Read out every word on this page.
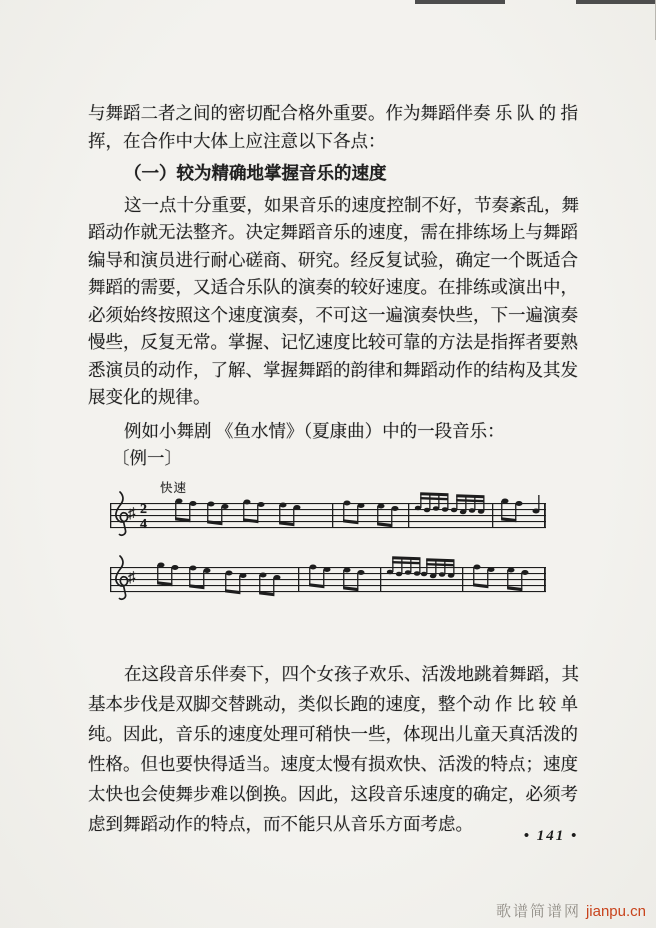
与舞蹈二者之间的密切配合格外重要。作为舞蹈伴奏 乐 队 的 指
挥，在合作中大体上应注意以下各点：
（一）较为精确地掌握音乐的速度
这一点十分重要，如果音乐的速度控制不好，节奏紊乱，舞
蹈动作就无法整齐。决定舞蹈音乐的速度，需在排练场上与舞蹈
编导和演员进行耐心磋商、研究。经反复试验，确定一个既适合
舞蹈的需要，又适合乐队的演奏的较好速度。在排练或演出中，
必须始终按照这个速度演奏，不可这一遍演奏快些，下一遍演奏
慢些，反复无常。掌握、记忆速度比较可靠的方法是指挥者要熟
悉演员的动作，了解、掌握舞蹈的韵律和舞蹈动作的结构及其发
展变化的规律。
例如小舞剧 《鱼水情》（夏康曲）中的一段音乐：
〔例一〕
♯ 2
4
快速
♯
在这段音乐伴奏下，四个女孩子欢乐、活泼地跳着舞蹈，其
基本步伐是双脚交替跳动，类似长跑的速度，整个动 作 比 较 单
纯。因此，音乐的速度处理可稍快一些，体现出儿童天真活泼的
性格。但也要快得适当。速度太慢有损欢快、活泼的特点；速度
太快也会使舞步难以倒换。因此，这段音乐速度的确定，必须考
虑到舞蹈动作的特点，而不能只从音乐方面考虑。
• 141 •
歌谱简谱网 jianpu.cn
